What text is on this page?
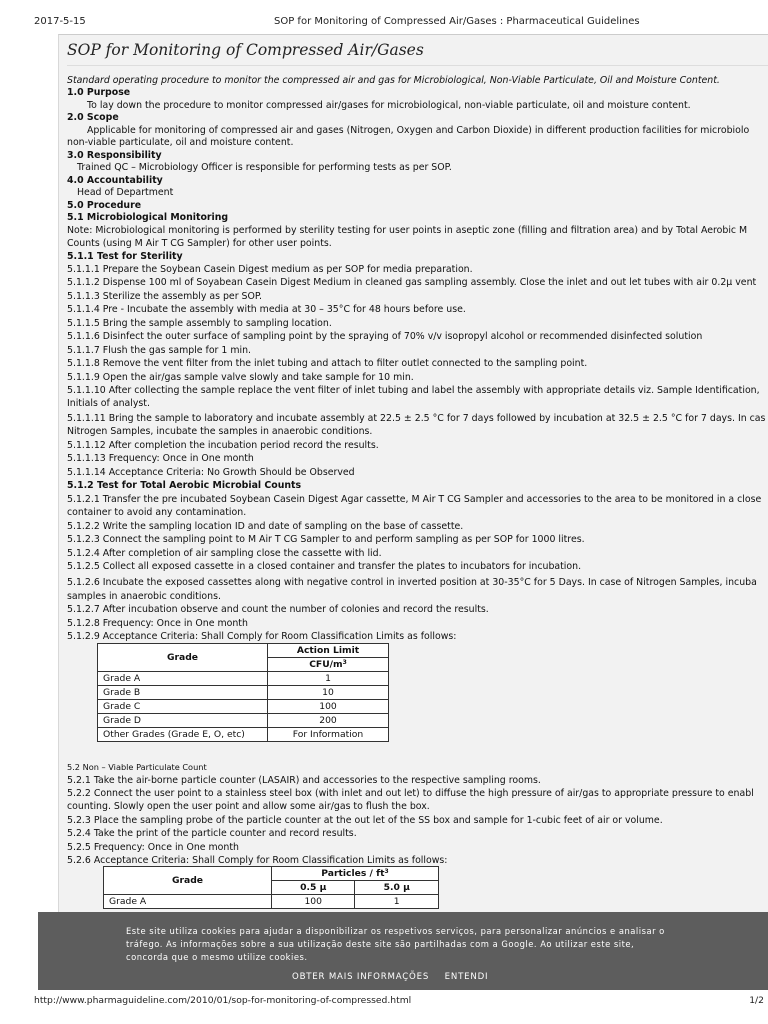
2017-5-15	SOP for Monitoring of Compressed Air/Gases : Pharmaceutical Guidelines
SOP for Monitoring of Compressed Air/Gases
Grade	Action Limit
	CFU/$m^3$
Grade A	1
Grade B	10
Grade C	100
Grade D	200
Other Grades (Grade E, O, etc)	For Information
Grade	Particles / $ft^3$
	0.5 μ	5.0 μ
Grade A	100	1
Standard operating procedure to monitor the compressed air and gas for Microbiological, Non-Viable Particulate, Oil and Moisture Content.
1.0 Purpose
To lay down the procedure to monitor compressed air/gases for microbiological, non-viable particulate, oil and moisture content.
2.0 Scope
Applicable for monitoring of compressed air and gases (Nitrogen, Oxygen and Carbon Dioxide) in different production facilities for microbiolo
non-viable particulate, oil and moisture content.
3.0 Responsibility
Trained QC – Microbiology Officer is responsible for performing tests as per SOP.
4.0 Accountability
Head of Department
5.0 Procedure
5.1 Microbiological Monitoring
Note: Microbiological monitoring is performed by sterility testing for user points in aseptic zone (filling and filtration area) and by Total Aerobic M
Counts (using M Air T CG Sampler) for other user points.
5.1.1 Test for Sterility
5.1.1.1 Prepare the Soybean Casein Digest medium as per SOP for media preparation.
5.1.1.2 Dispense 100 ml of Soyabean Casein Digest Medium in cleaned gas sampling assembly. Close the inlet and out let tubes with air 0.2μ vent
5.1.1.3 Sterilize the assembly as per SOP.
5.1.1.4 Pre - Incubate the assembly with media at 30 – 35°C for 48 hours before use.
5.1.1.5 Bring the sample assembly to sampling location.
5.1.1.6 Disinfect the outer surface of sampling point by the spraying of 70% v/v isopropyl alcohol or recommended disinfected solution
5.1.1.7 Flush the gas sample for 1 min.
5.1.1.8 Remove the vent filter from the inlet tubing and attach to filter outlet connected to the sampling point.
5.1.1.9 Open the air/gas sample valve slowly and take sample for 10 min.
5.1.1.10 After collecting the sample replace the vent filter of inlet tubing and label the assembly with appropriate details viz. Sample Identification,
Initials of analyst.
5.1.1.11 Bring the sample to laboratory and incubate assembly at 22.5 ± 2.5 °C for 7 days followed by incubation at 32.5 ± 2.5 °C for 7 days. In cas
Nitrogen Samples, incubate the samples in anaerobic conditions.
5.1.1.12 After completion the incubation period record the results.
5.1.1.13 Frequency: Once in One month
5.1.1.14 Acceptance Criteria: No Growth Should be Observed
5.1.2 Test for Total Aerobic Microbial Counts
5.1.2.1 Transfer the pre incubated Soybean Casein Digest Agar cassette, M Air T CG Sampler and accessories to the area to be monitored in a close
container to avoid any contamination.
5.1.2.2 Write the sampling location ID and date of sampling on the base of cassette.
5.1.2.3 Connect the sampling point to M Air T CG Sampler to and perform sampling as per SOP for 1000 litres.
5.1.2.4 After completion of air sampling close the cassette with lid.
5.1.2.5 Collect all exposed cassette in a closed container and transfer the plates to incubators for incubation.
5.1.2.6 Incubate the exposed cassettes along with negative control in inverted position at 30-35°C for 5 Days. In case of Nitrogen Samples, incuba
samples in anaerobic conditions.
5.1.2.7 After incubation observe and count the number of colonies and record the results.
5.1.2.8 Frequency: Once in One month
5.1.2.9 Acceptance Criteria: Shall Comply for Room Classification Limits as follows:
5.2 Non – Viable Particulate Count
5.2.1 Take the air-borne particle counter (LASAIR) and accessories to the respective sampling rooms.
5.2.2 Connect the user point to a stainless steel box (with inlet and out let) to diffuse the high pressure of air/gas to appropriate pressure to enabl
counting. Slowly open the user point and allow some air/gas to flush the box.
5.2.3 Place the sampling probe of the particle counter at the out let of the SS box and sample for 1-cubic feet of air or volume.
5.2.4 Take the print of the particle counter and record results.
5.2.5 Frequency: Once in One month
5.2.6 Acceptance Criteria: Shall Comply for Room Classification Limits as follows:
Este site utiliza cookies para ajudar a disponibilizar os respetivos serviços, para personalizar anúncios e analisar o tráfego. As informações sobre a sua utilização deste site são partilhadas com a Google. Ao utilizar este site, concorda que o mesmo utilize cookies.
OBTER MAIS INFORMAÇÕES ENTENDI
http://www.pharmaguideline.com/2010/01/sop-for-monitoring-of-compressed.html	1/2
